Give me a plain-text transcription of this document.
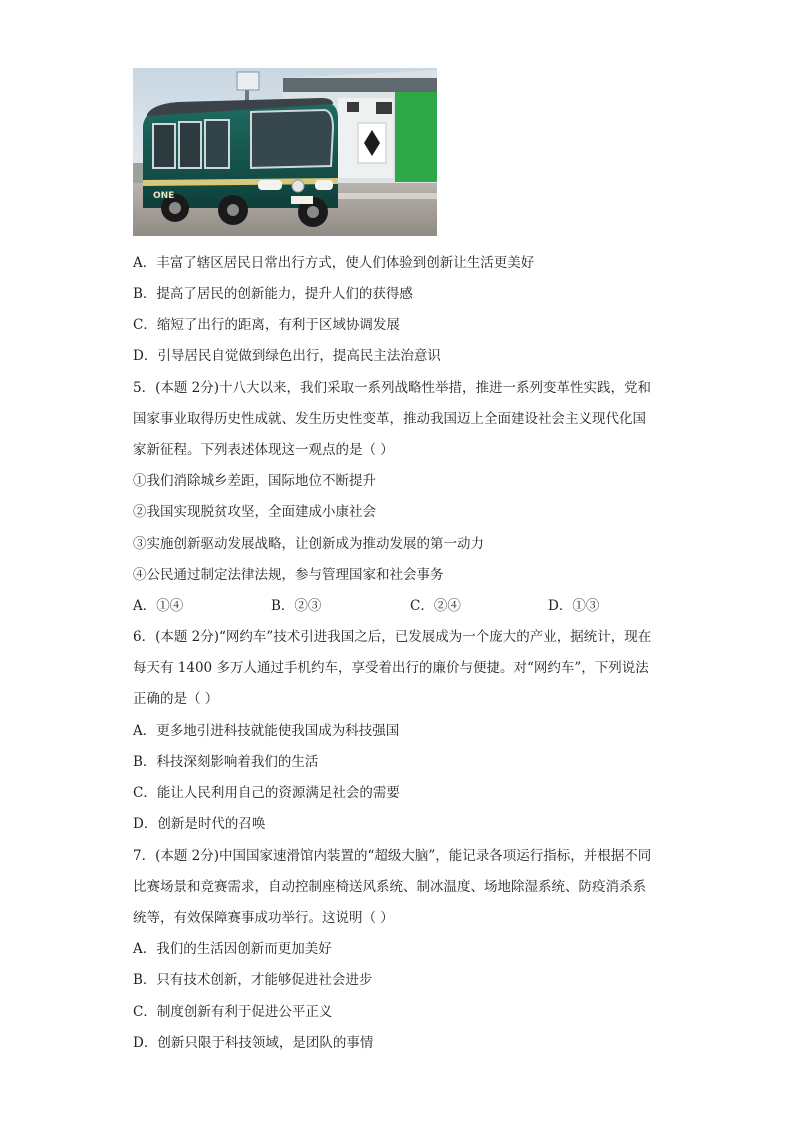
ONE
A．丰富了辖区居民日常出行方式，使人们体验到创新让生活更美好
B．提高了居民的创新能力，提升人们的获得感
C．缩短了出行的距离，有利于区域协调发展
D．引导居民自觉做到绿色出行，提高民主法治意识
5．(本题 2分)十八大以来，我们采取一系列战略性举措，推进一系列变革性实践，党和
国家事业取得历史性成就、发生历史性变革，推动我国迈上全面建设社会主义现代化国
家新征程。下列表述体现这一观点的是（ ）
①我们消除城乡差距，国际地位不断提升
②我国实现脱贫攻坚，全面建成小康社会
③实施创新驱动发展战略，让创新成为推动发展的第一动力
④公民通过制定法律法规，参与管理国家和社会事务
A．①④	B．②③	C．②④	D．①③
6．(本题 2分)“网约车”技术引进我国之后，已发展成为一个庞大的产业，据统计，现在
每天有 1400 多万人通过手机约车，享受着出行的廉价与便捷。对“网约车”，下列说法
正确的是（ ）
A．更多地引进科技就能使我国成为科技强国
B．科技深刻影响着我们的生活
C．能让人民利用自己的资源满足社会的需要
D．创新是时代的召唤
7．(本题 2分)中国国家速滑馆内装置的“超级大脑”，能记录各项运行指标，并根据不同
比赛场景和竞赛需求，自动控制座椅送风系统、制冰温度、场地除湿系统、防疫消杀系
统等，有效保障赛事成功举行。这说明（ ）
A．我们的生活因创新而更加美好
B．只有技术创新，才能够促进社会进步
C．制度创新有利于促进公平正义
D．创新只限于科技领域，是团队的事情
